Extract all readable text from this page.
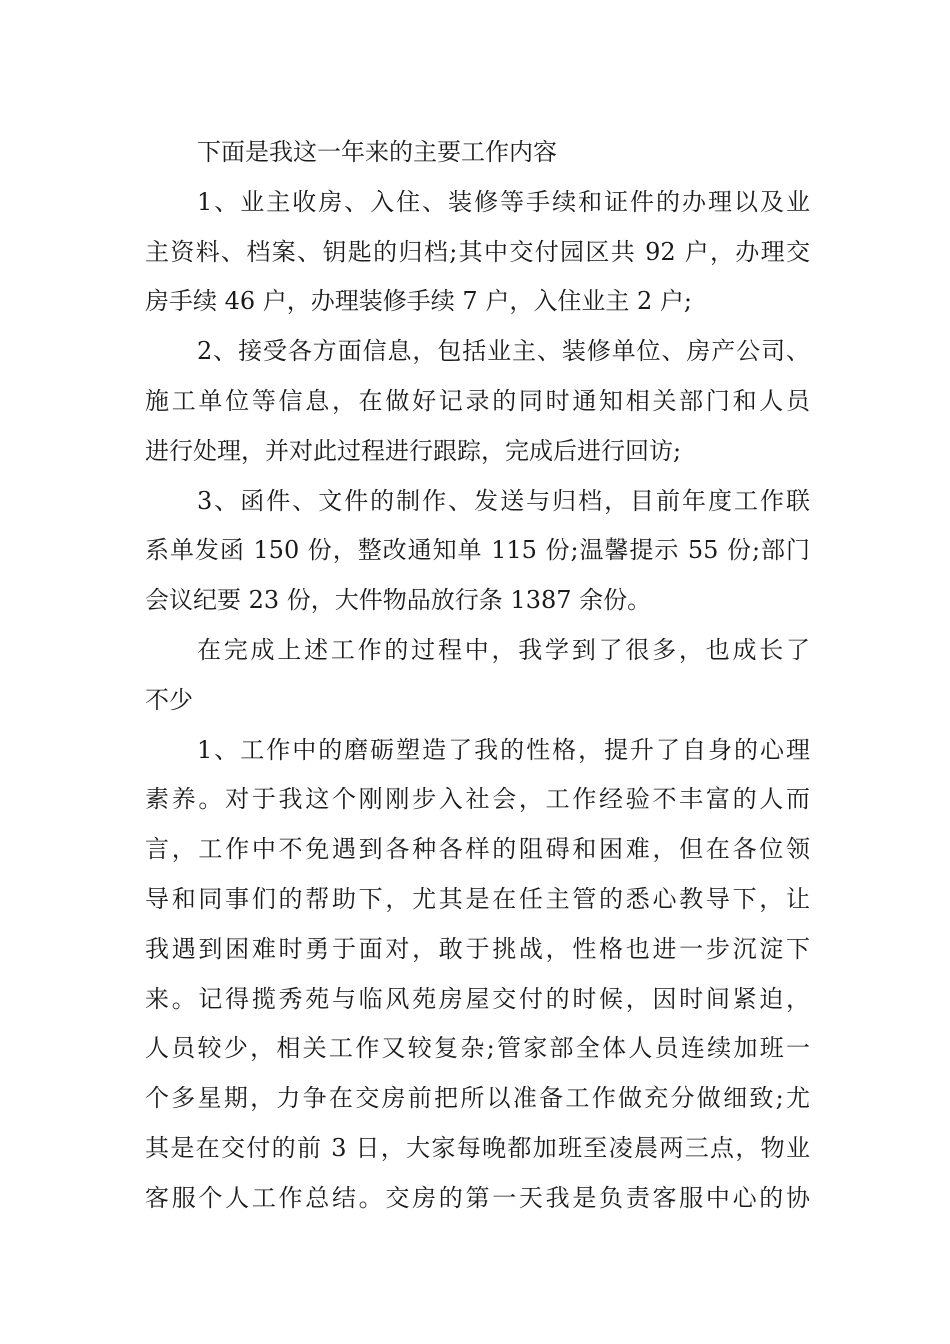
下面是我这一年来的主要工作内容
1、业主收房、入住、装修等手续和证件的办理以及业
主资料、档案、钥匙的归档;其中交付园区共 92 户，办理交
房手续 46 户，办理装修手续 7 户，入住业主 2 户;
2、接受各方面信息，包括业主、装修单位、房产公司、
施工单位等信息，在做好记录的同时通知相关部门和人员
进行处理，并对此过程进行跟踪，完成后进行回访;
3、函件、文件的制作、发送与归档，目前年度工作联
系单发函 150 份，整改通知单 115 份;温馨提示 55 份;部门
会议纪要 23 份，大件物品放行条 1387 余份。
在完成上述工作的过程中，我学到了很多，也成长了
不少
1、工作中的磨砺塑造了我的性格，提升了自身的心理
素养。对于我这个刚刚步入社会，工作经验不丰富的人而
言，工作中不免遇到各种各样的阻碍和困难，但在各位领
导和同事们的帮助下，尤其是在任主管的悉心教导下，让
我遇到困难时勇于面对，敢于挑战，性格也进一步沉淀下
来。记得揽秀苑与临风苑房屋交付的时候，因时间紧迫，
人员较少，相关工作又较复杂;管家部全体人员连续加班一
个多星期，力争在交房前把所以准备工作做充分做细致;尤
其是在交付的前 3 日，大家每晚都加班至凌晨两三点，物业
客服个人工作总结。交房的第一天我是负责客服中心的协
